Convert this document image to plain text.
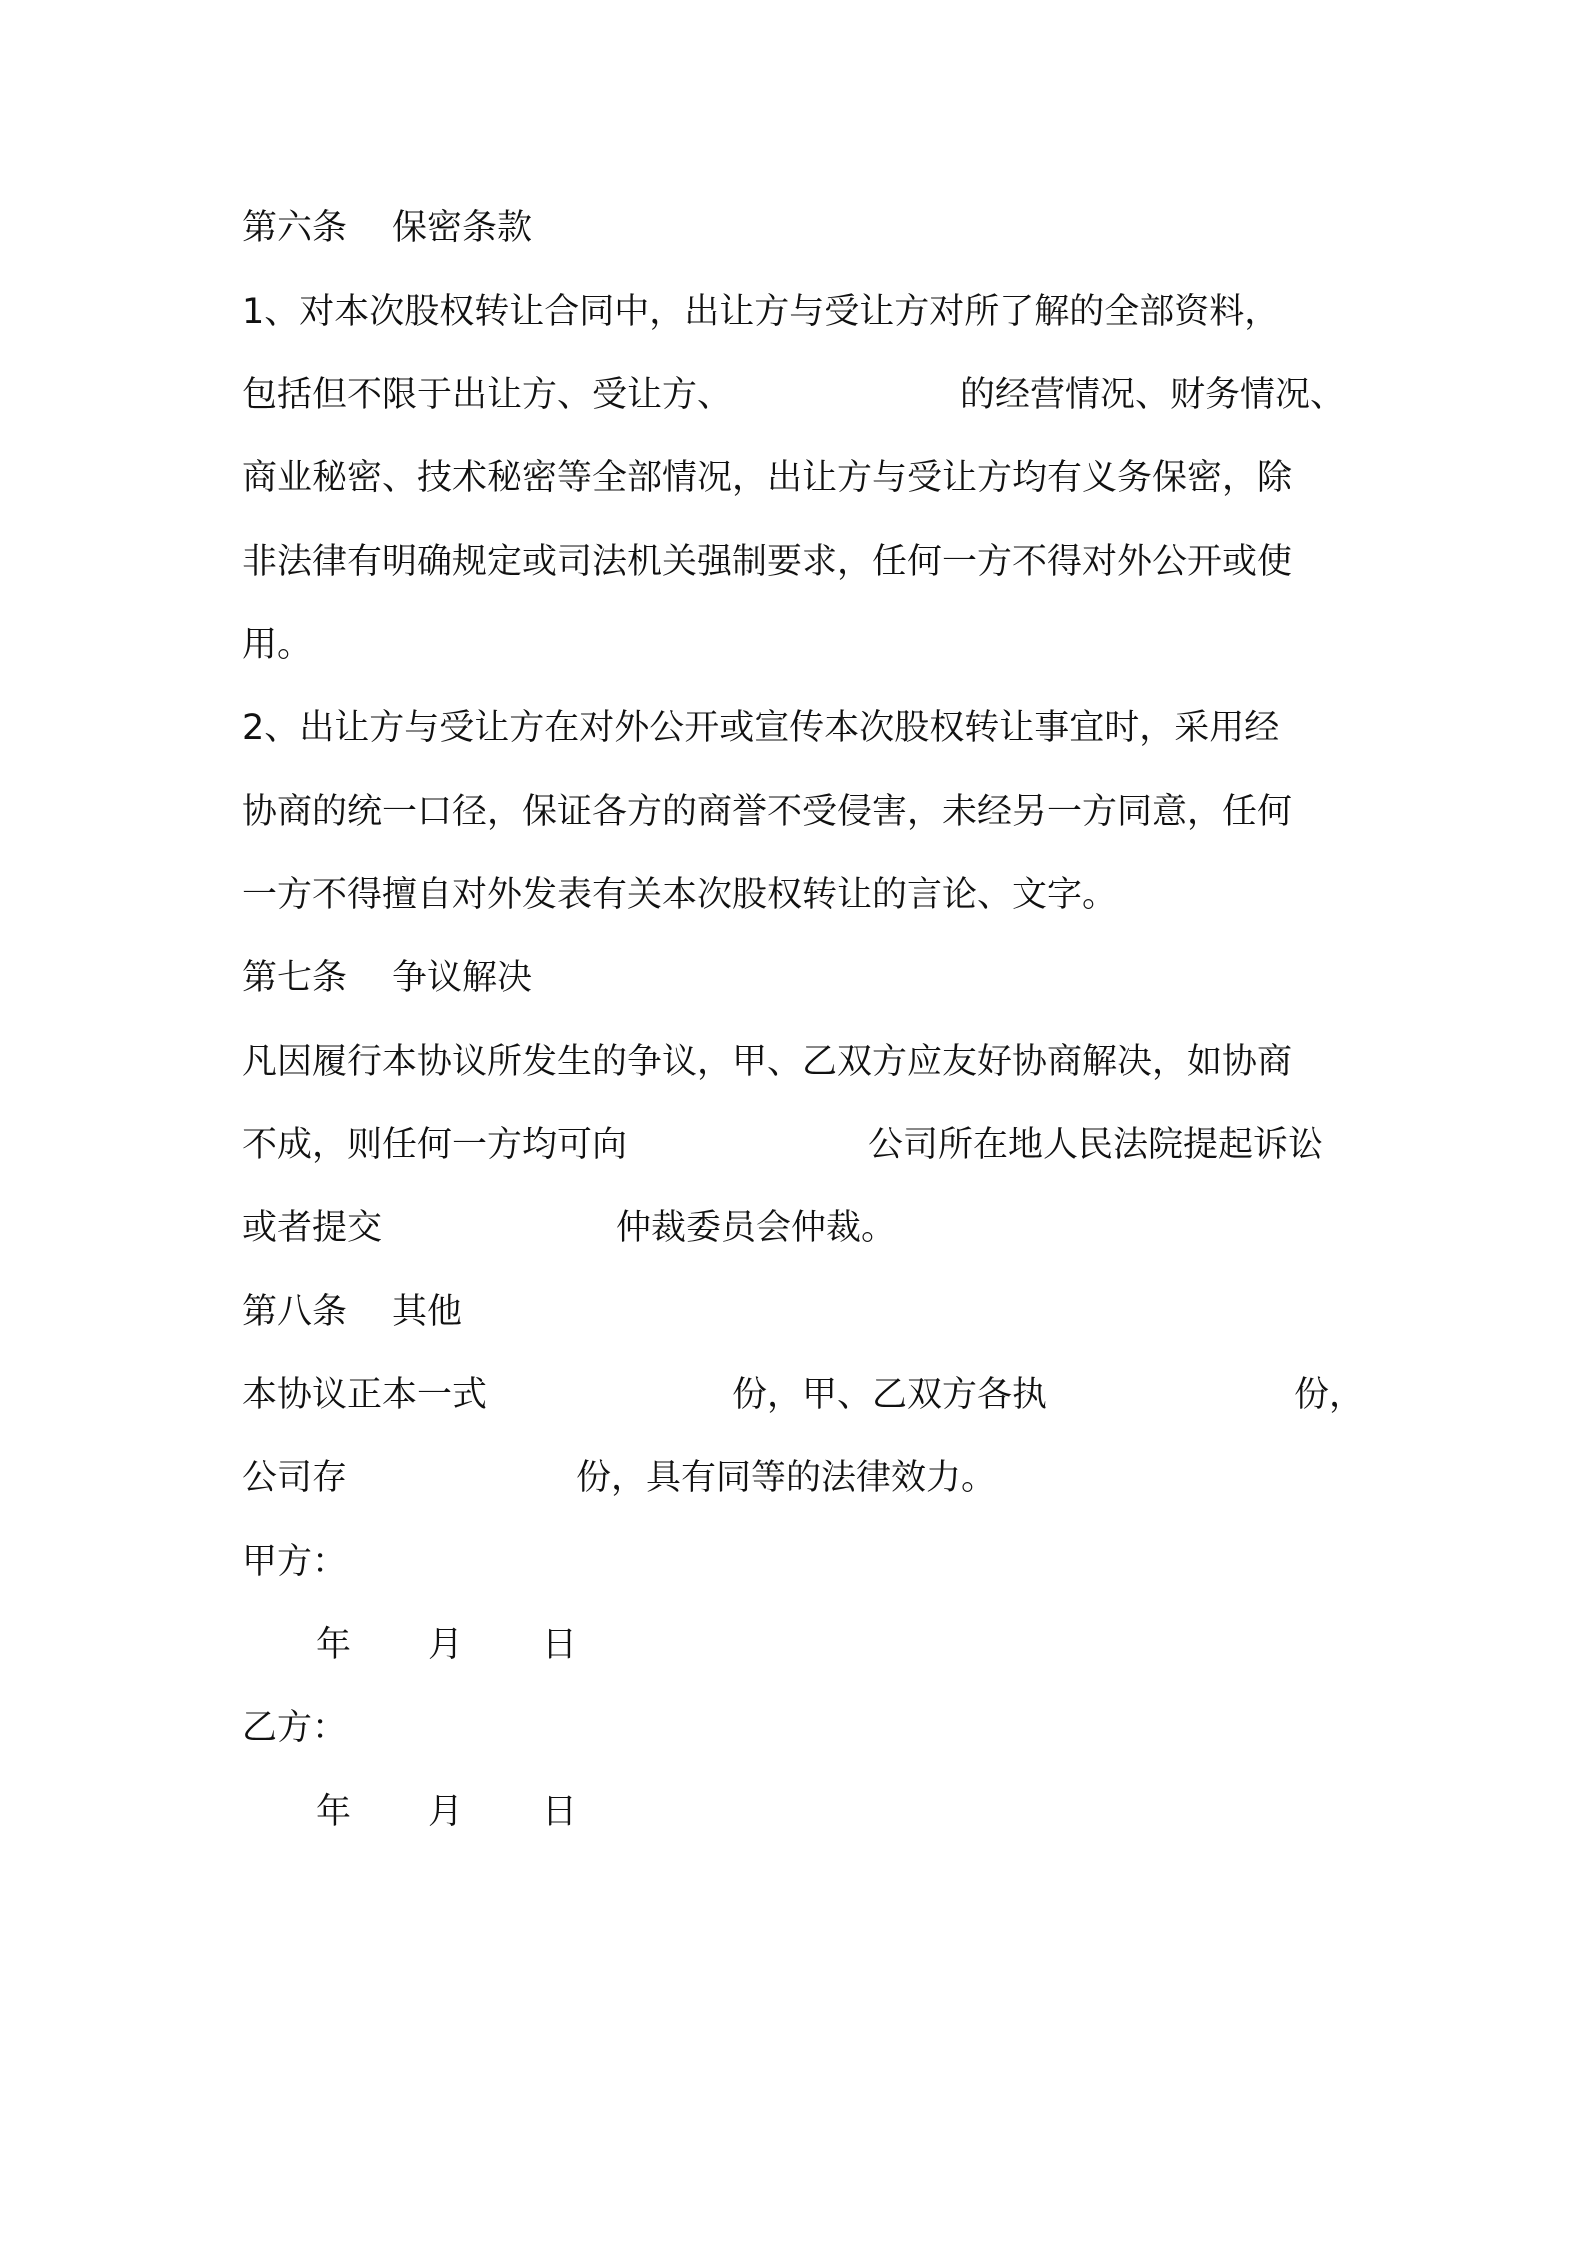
第六条 保密条款
1、对本次股权转让合同中，出让方与受让方对所了解的全部资料，
包括但不限于出让方、受让方、	的经营情况、财务情况、
商业秘密、技术秘密等全部情况，出让方与受让方均有义务保密，除
非法律有明确规定或司法机关强制要求，任何一方不得对外公开或使
用。
2、出让方与受让方在对外公开或宣传本次股权转让事宜时，采用经
协商的统一口径，保证各方的商誉不受侵害，未经另一方同意，任何
一方不得擅自对外发表有关本次股权转让的言论、文字。
第七条 争议解决
凡因履行本协议所发生的争议，甲、乙双方应友好协商解决，如协商
不成，则任何一方均可向	公司所在地人民法院提起诉讼
或者提交	仲裁委员会仲裁。
第八条 其他
本协议正本一式	份，甲、乙双方各执	份，
公司存	份，具有同等的法律效力。
甲方：
年 月 日
乙方：
年 月 日
